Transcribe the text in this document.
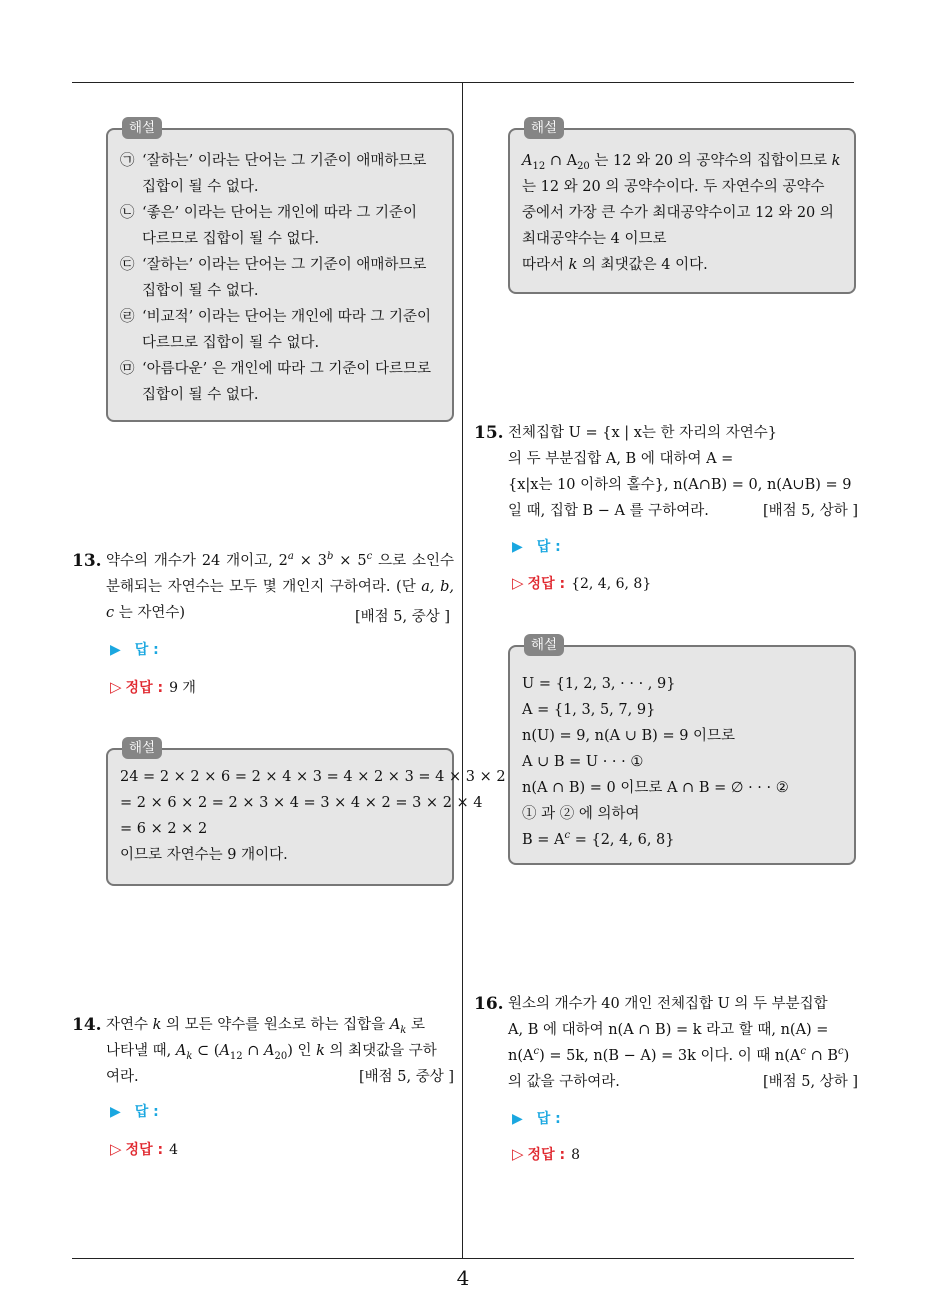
해설
㉠ ‘잘하는’ 이라는 단어는 그 기준이 애매하므로
집합이 될 수 없다.
㉡ ‘좋은’ 이라는 단어는 개인에 따라 그 기준이
다르므로 집합이 될 수 없다.
㉢ ‘잘하는’ 이라는 단어는 그 기준이 애매하므로
집합이 될 수 없다.
㉣ ‘비교적’ 이라는 단어는 개인에 따라 그 기준이
다르므로 집합이 될 수 없다.
㉤ ‘아름다운’ 은 개인에 따라 그 기준이 다르므로
집합이 될 수 없다.
13. 약수의 개수가 24 개이고, $2^a \times 3^b \times 5^c$ 으로 소인수분해되는 자연수는 모두 몇 개인지 구하여라. (단 a, b, c 는 자연수)	[배점 5, 중상 ]
▶ 답 :
▷ 정답 : 9 개
해설
24 = 2 × 2 × 6 = 2 × 4 × 3 = 4 × 2 × 3 = 4 × 3 × 2
= 2 × 6 × 2 = 2 × 3 × 4 = 3 × 4 × 2 = 3 × 2 × 4
= 6 × 2 × 2
이므로 자연수는 9 개이다.
14. 자연수 k 의 모든 약수를 원소로 하는 집합을 $A_k$ 로
나타낼 때, $A_k$ ⊂ ($A_{12}$ ∩ $A_{20}$) 인 k 의 최댓값을 구하
여라.	[배점 5, 중상 ]
▶ 답 :
▷ 정답 : 4
해설
$A_{12}$ ∩ $A_{20}$ 는 12 와 20 의 공약수의 집합이므로 k
는 12 와 20 의 공약수이다. 두 자연수의 공약수
중에서 가장 큰 수가 최대공약수이고 12 와 20 의
최대공약수는 4 이므로
따라서 k 의 최댓값은 4 이다.
15. 전체집합 U = {x | x는 한 자리의 자연수}
의 두 부분집합 A, B 에 대하여 A =
{x|x는 10 이하의 홀수}, n(A∩B) = 0, n(A∪B) = 9
일 때, 집합 B − A 를 구하여라.	[배점 5, 상하 ]
▶ 답 :
▷ 정답 : {2, 4, 6, 8}
해설
U = {1, 2, 3, · · · , 9}
A = {1, 3, 5, 7, 9}
n(U) = 9, n(A ∪ B) = 9 이므로
A ∪ B = U · · · ①
n(A ∩ B) = 0 이므로 A ∩ B = ∅ · · · ②
① 과 ② 에 의하여
$B = A^c = \{2$, 4, 6, 8}
16. 원소의 개수가 40 개인 전체집합 U 의 두 부분집합
A, B 에 대하여 n(A ∩ B) = k 라고 할 때, n(A) =
$n(A^c) = 5k$, n(B − A) = 3k 이다. 이 때 $n(A^c$ ∩ $B^c$)
의 값을 구하여라.	[배점 5, 상하 ]
▶ 답 :
▷ 정답 : 8
4
